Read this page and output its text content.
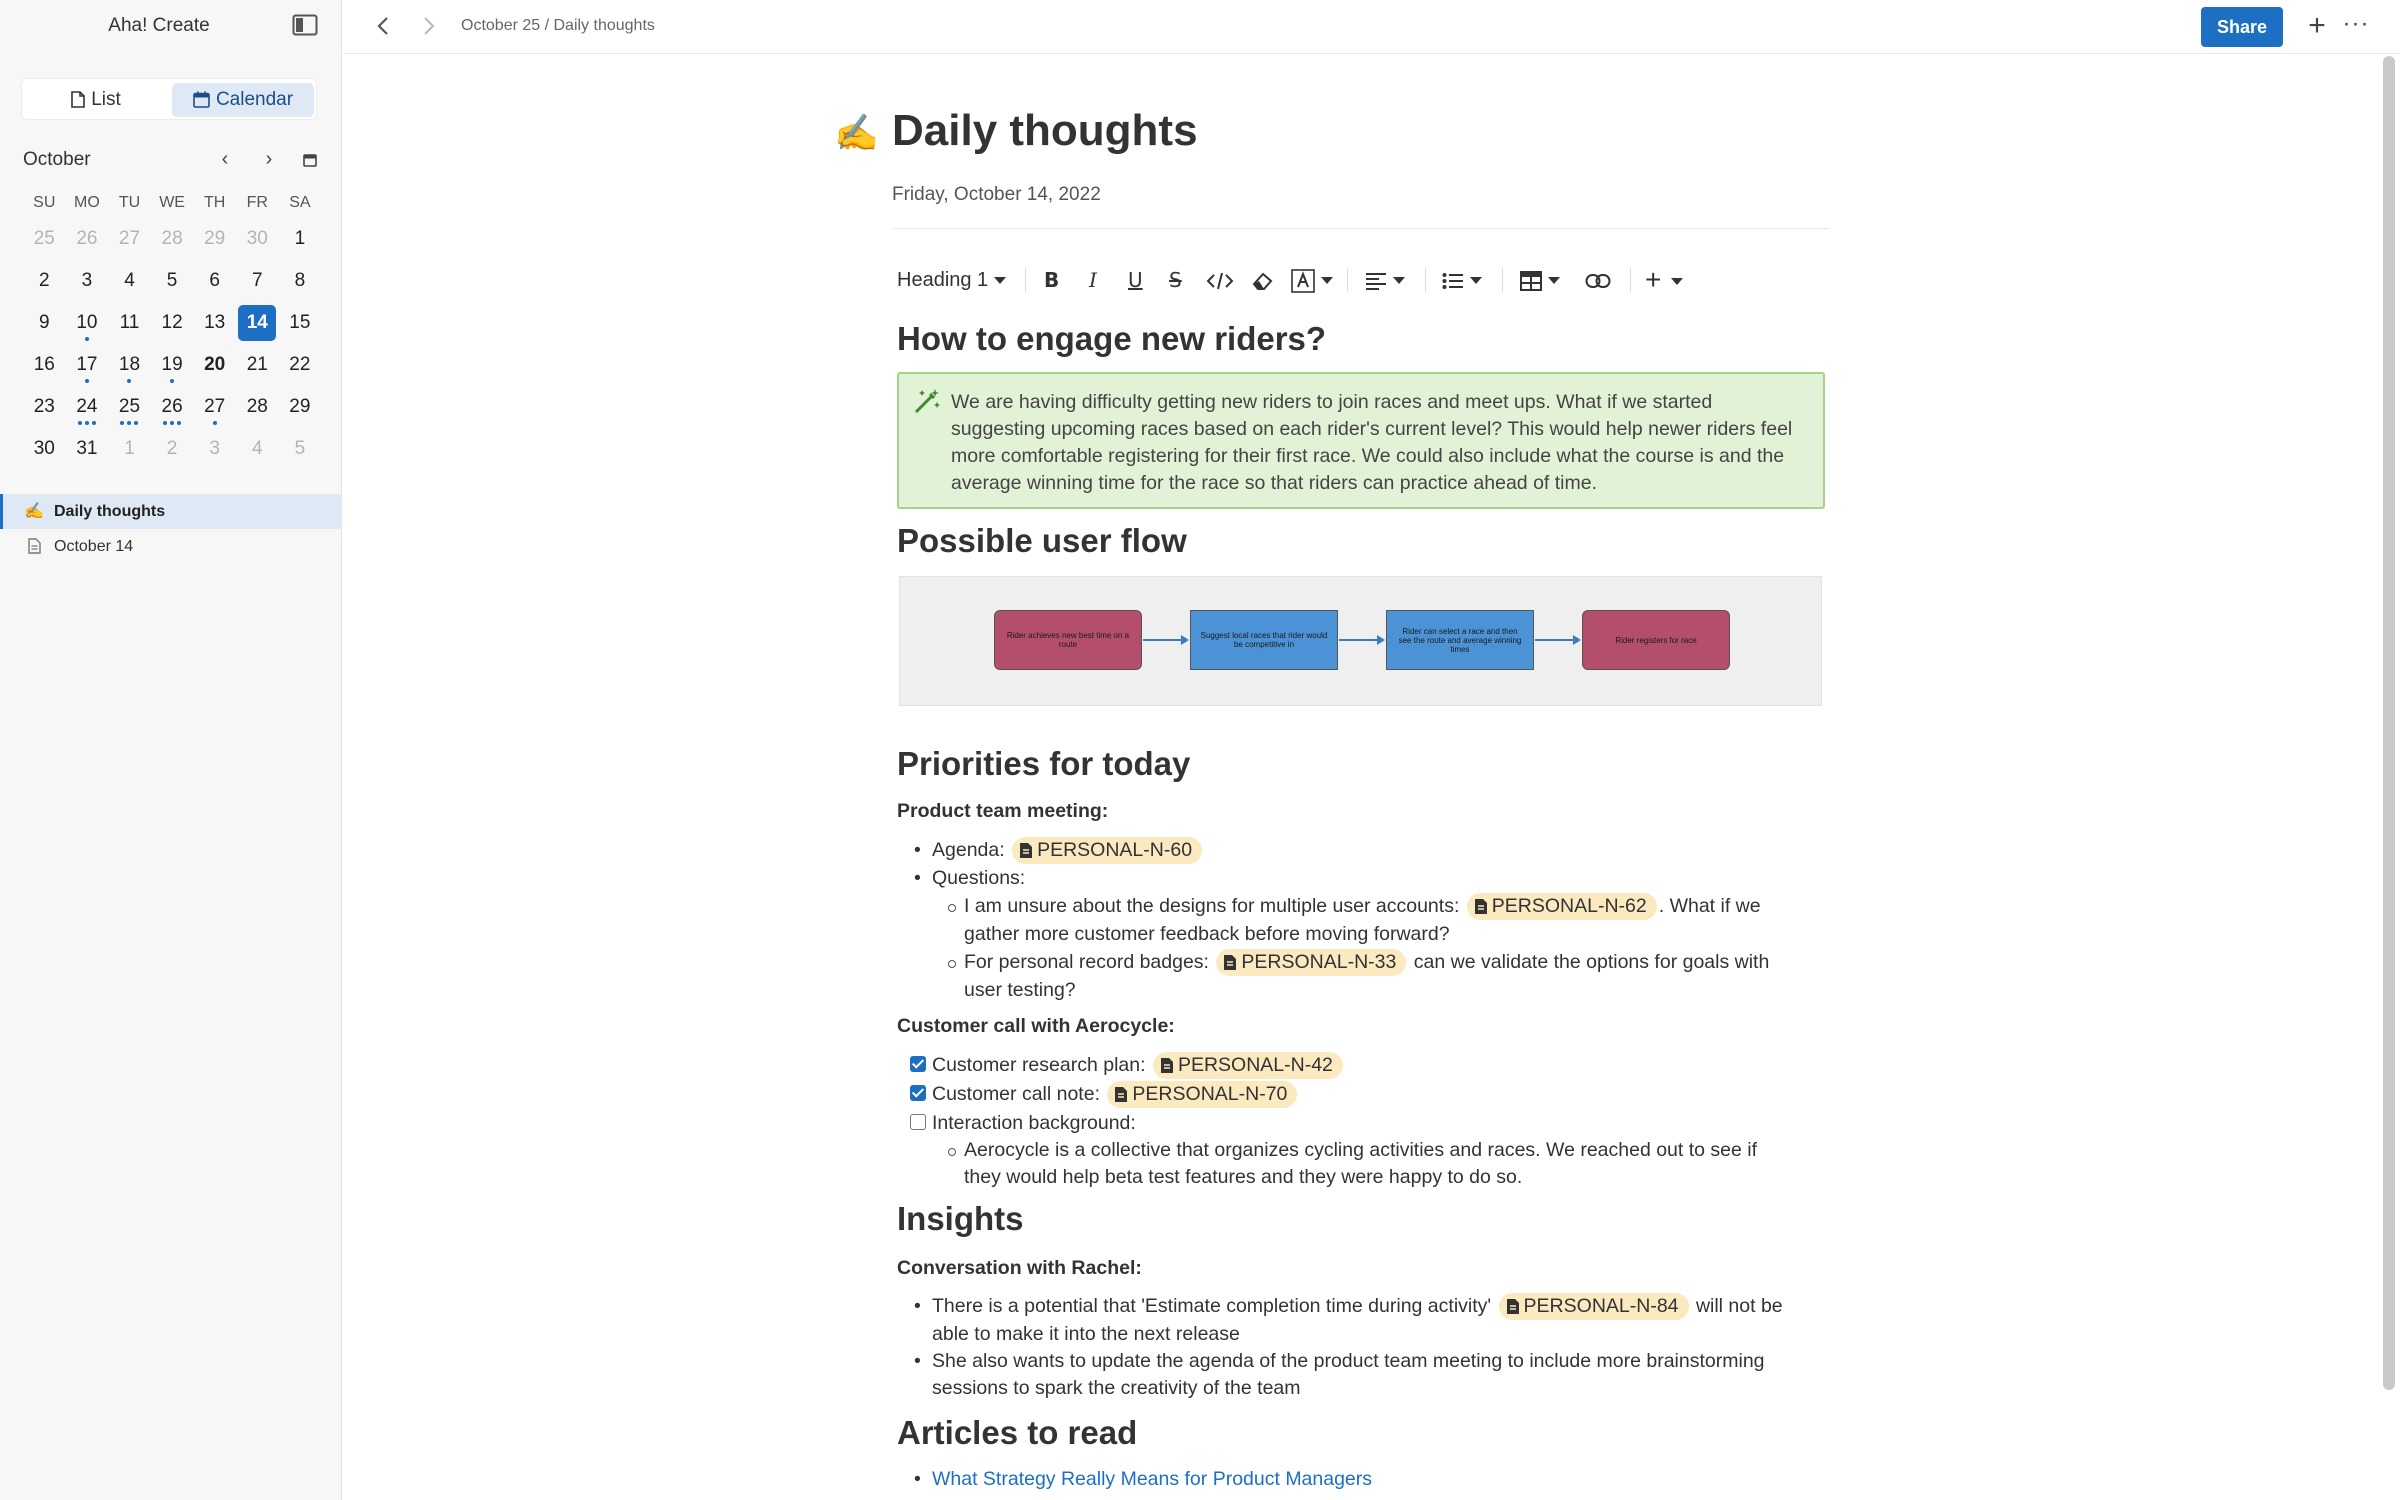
Aha! Create
List	Calendar
October	‹	›
SU	MO	TU	WE	TH	FR	SA
25	26	27	28	29	30	1
2	3	4	5	6	7	8
9	10	11	12	13	14	15
16	17	18	19	20	21	22
23	24	25	26	27	28	29
30	31	1	2	3	4	5
✍️ Daily thoughts
October 14
October 25 / Daily thoughts	Share	+ ···
✍️ Daily thoughts
Friday, October 14, 2022
Heading 1	B I U S	+
How to engage new riders?
We are having difficulty getting new riders to join races and meet ups. What if we started suggesting upcoming races based on each rider's current level? This would help newer riders feel more comfortable registering for their first race. We could also include what the course is and the average winning time for the race so that riders can practice ahead of time.
Possible user flow
Rider achieves new best time on a route
Suggest local races that rider would be competitive in
Rider can select a race and then see the route and average winning times
Rider registers for race
Priorities for today
Product team meeting:
• Agenda: PERSONAL-N-60
• Questions:
I am unsure about the designs for multiple user accounts: PERSONAL-N-62 . What if we
gather more customer feedback before moving forward?
For personal record badges: PERSONAL-N-33 can we validate the options for goals with
user testing?
Customer call with Aerocycle:
Customer research plan: PERSONAL-N-42
Customer call note: PERSONAL-N-70
Interaction background:
Aerocycle is a collective that organizes cycling activities and races. We reached out to see if
they would help beta test features and they were happy to do so.
Insights
Conversation with Rachel:
• There is a potential that 'Estimate completion time during activity' PERSONAL-N-84 will not be
able to make it into the next release
• She also wants to update the agenda of the product team meeting to include more brainstorming
sessions to spark the creativity of the team
Articles to read
• What Strategy Really Means for Product Managers
